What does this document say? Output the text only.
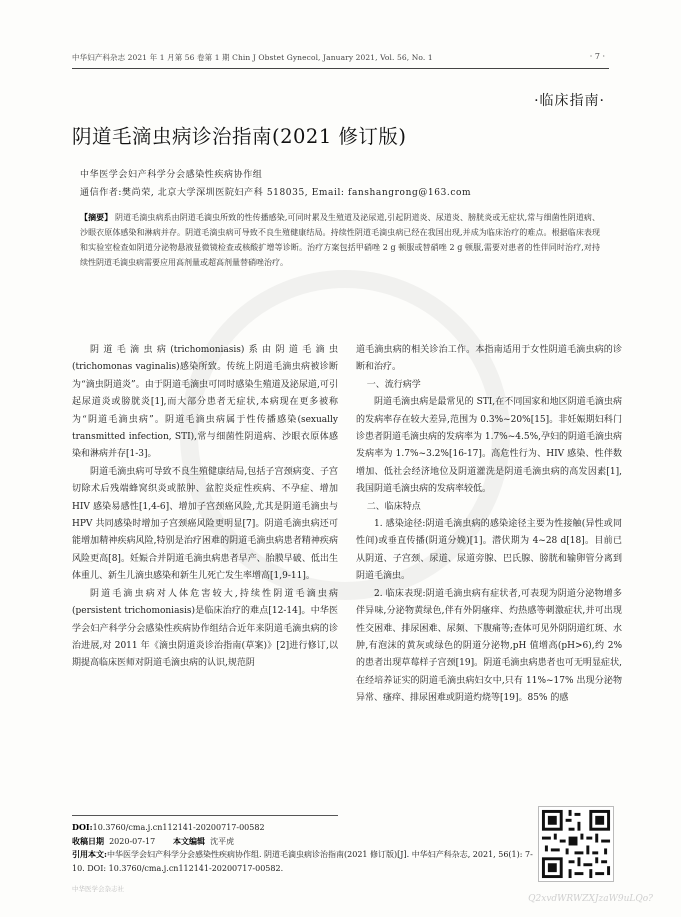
中华妇产科杂志 2021 年 1 月第 56 卷第 1 期 Chin J Obstet Gynecol, January 2021, Vol. 56, No. 1	· 7 ·
·临床指南·
阴道毛滴虫病诊治指南(2021 修订版)
中华医学会妇产科学分会感染性疾病协作组
通信作者:樊尚荣, 北京大学深圳医院妇产科 518035, Email: fanshangrong@163.com
【摘要】 阴道毛滴虫病系由阴道毛滴虫所致的性传播感染,可同时累及生殖道及泌尿道,引起阴道炎、尿道炎、膀胱炎或无症状,常与细菌性阴道病、沙眼衣原体感染和淋病并存。阴道毛滴虫病可导致不良生殖健康结局。持续性阴道毛滴虫病已经在我国出现,并成为临床治疗的难点。根据临床表现和实验室检查如阴道分泌物悬液显微镜检查或核酸扩增等诊断。治疗方案包括甲硝唑 2 g 顿服或替硝唑 2 g 顿服,需要对患者的性伴同时治疗,对持续性阴道毛滴虫病需要应用高剂量或超高剂量替硝唑治疗。

阴道毛滴虫病(trichomoniasis)系由阴道毛滴虫(trichomonas vaginalis)感染所致。传统上阴道毛滴虫病被诊断为“滴虫阴道炎”。由于阴道毛滴虫可同时感染生殖道及泌尿道,可引起尿道炎或膀胱炎[1],而大部分患者无症状,本病现在更多被称为“阴道毛滴虫病”。阴道毛滴虫病属于性传播感染(sexually transmitted infection, STI),常与细菌性阴道病、沙眼衣原体感染和淋病并存[1-3]。

阴道毛滴虫病可导致不良生殖健康结局,包括子宫颈病变、子宫切除术后残端蜂窝织炎或脓肿、盆腔炎症性疾病、不孕症、增加 HIV 感染易感性[1,4-6]、增加子宫颈癌风险,尤其是阴道毛滴虫与 HPV 共同感染时增加子宫颈癌风险更明显[7]。阴道毛滴虫病还可能增加精神疾病风险,特别是治疗困难的阴道毛滴虫病患者精神疾病风险更高[8]。妊娠合并阴道毛滴虫病患者早产、胎膜早破、低出生体重儿、新生儿滴虫感染和新生儿死亡发生率增高[1,9-11]。

阴道毛滴虫病对人体危害较大,持续性阴道毛滴虫病(persistent trichomoniasis)是临床治疗的难点[12-14]。中华医学会妇产科学分会感染性疾病协作组结合近年来阴道毛滴虫病的诊治进展,对 2011 年《滴虫阴道炎诊治指南(草案)》[2]进行修订,以期提高临床医师对阴道毛滴虫病的认识,规范阴

道毛滴虫病的相关诊治工作。本指南适用于女性阴道毛滴虫病的诊断和治疗。

一、流行病学

阴道毛滴虫病是最常见的 STI,在不同国家和地区阴道毛滴虫病的发病率存在较大差异,范围为 0.3%~20%[15]。非妊娠期妇科门诊患者阴道毛滴虫病的发病率为 1.7%~4.5%,孕妇的阴道毛滴虫病发病率为 1.7%~3.2%[16-17]。高危性行为、HIV 感染、性伴数增加、低社会经济地位及阴道灌洗是阴道毛滴虫病的高发因素[1],我国阴道毛滴虫病的发病率较低。

二、临床特点

1. 感染途径:阴道毛滴虫病的感染途径主要为性接触(异性或同性间)或垂直传播(阴道分娩)[1]。潜伏期为 4~28 d[18]。目前已从阴道、子宫颈、尿道、尿道旁腺、巴氏腺、膀胱和输卵管分离到阴道毛滴虫。

2. 临床表现:阴道毛滴虫病有症状者,可表现为阴道分泌物增多伴异味,分泌物黄绿色,伴有外阴瘙痒、灼热感等刺激症状,并可出现性交困难、排尿困难、尿频、下腹痛等;查体可见外阴阴道红斑、水肿,有泡沫的黄灰或绿色的阴道分泌物,pH 值增高(pH>6),约 2% 的患者出现草莓样子宫颈[19]。阴道毛滴虫病患者也可无明显症状,在经培养证实的阴道毛滴虫病妇女中,只有 11%~17% 出现分泌物异常、瘙痒、排尿困难或阴道灼烧等[19]。85% 的感

DOI:10.3760/cma.j.cn112141-20200717-00582
收稿日期 2020-07-17 本文编辑 沈平虎
引用本文:中华医学会妇产科学分会感染性疾病协作组. 阴道毛滴虫病诊治指南(2021 修订版)[J]. 中华妇产科杂志, 2021, 56(1): 7-10. DOI: 10.3760/cma.j.cn112141-20200717-00582.
中华医学会杂志社
Q2xvdWRWZXJzaW9uLQo?
